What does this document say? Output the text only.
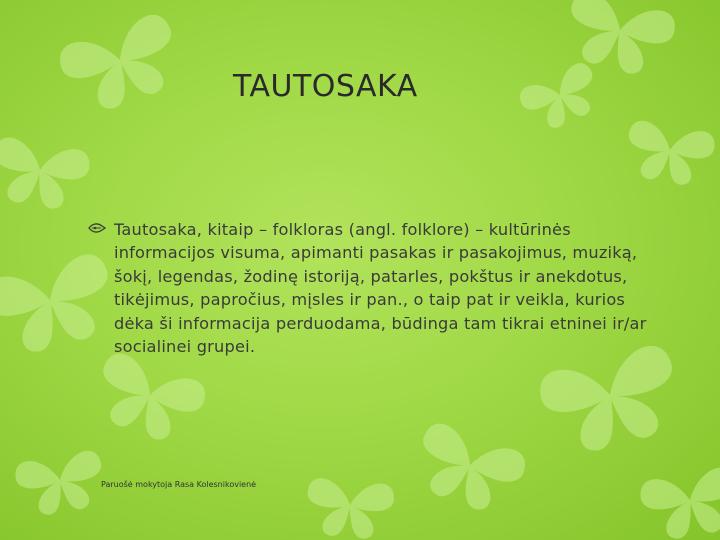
TAUTOSAKA
Tautosaka, kitaip – folkloras (angl. folklore) – kultūrinės informacijos visuma, apimanti pasakas ir pasakojimus, muziką, šokį, legendas, žodinę istoriją, patarles, pokštus ir anekdotus, tikėjimus, papročius, mįsles ir pan., o taip pat ir veikla, kurios dėka ši informacija perduodama, būdinga tam tikrai etninei ir/ar socialinei grupei.
Paruošė mokytoja Rasa Kolesnikovienė
